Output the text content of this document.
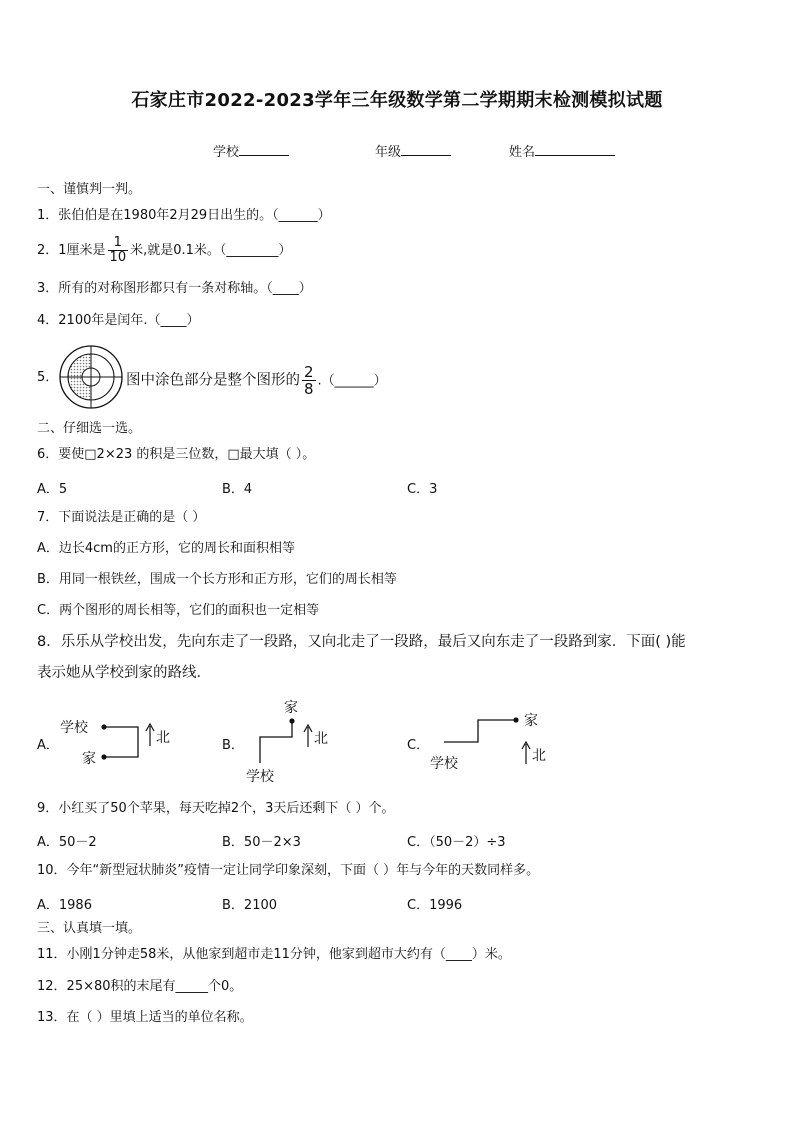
石家庄市2022-2023学年三年级数学第二学期期末检测模拟试题
学校	年级	姓名
一、谨慎判一判。
1．张伯伯是在1980年2月29日出生的。（______）
2．1厘米是 $\frac{1}{10}$ 米,就是0.1米。（________）
3．所有的对称图形都只有一条对称轴。（____）
4．2100年是闰年.（____）
5．	图中涂色部分是整个图形的 $\frac{2}{8}$ .（______）
二、仔细选一选。
6．要使□2×23 的积是三位数，□最大填（ ）。
A．5	B．4	C．3
7．下面说法是正确的是（ ）
A．边长4cm的正方形，它的周长和面积相等
B．用同一根铁丝，围成一个长方形和正方形，它们的周长相等
C．两个图形的周长相等，它们的面积也一定相等
8．乐乐从学校出发，先向东走了一段路，又向北走了一段路，最后又向东走了一段路到家．下面( )能
表示她从学校到家的路线．
A．
学校
家
北	B．
家
学校
北	C．
家
学校	北
9．小红买了50个苹果，每天吃掉2个，3天后还剩下（ ）个。
A．50－2	B．50－2×3	C．（50－2）÷3
10．今年“新型冠状肺炎”疫情一定让同学印象深刻，下面（ ）年与今年的天数同样多。
A．1986	B．2100	C．1996
三、认真填一填。
11．小刚1分钟走58米，从他家到超市走11分钟，他家到超市大约有（____）米。
12．25×80积的末尾有_____个0。
13．在（ ）里填上适当的单位名称。
